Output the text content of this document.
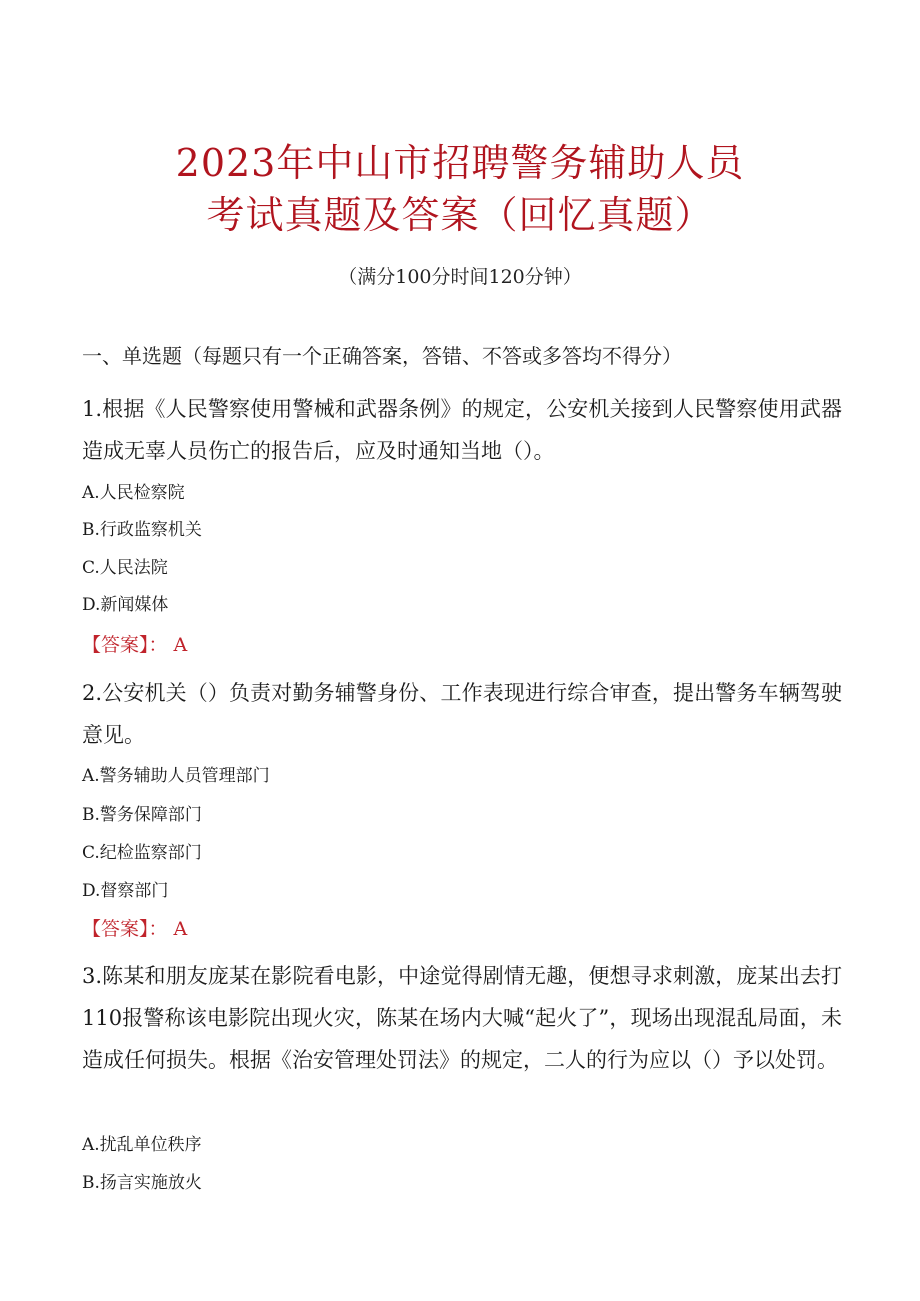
2023年中山市招聘警务辅助人员
考试真题及答案（回忆真题）
（满分100分时间120分钟）
一、单选题（每题只有一个正确答案，答错、不答或多答均不得分）
1.根据《人民警察使用警械和武器条例》的规定，公安机关接到人民警察使用武器造成无辜人员伤亡的报告后，应及时通知当地（）。
A.人民检察院
B.行政监察机关
C.人民法院
D.新闻媒体
【答案】： A
2.公安机关（）负责对勤务辅警身份、工作表现进行综合审查，提出警务车辆驾驶意见。
A.警务辅助人员管理部门
B.警务保障部门
C.纪检监察部门
D.督察部门
【答案】： A
3.陈某和朋友庞某在影院看电影，中途觉得剧情无趣，便想寻求刺激，庞某出去打110报警称该电影院出现火灾，陈某在场内大喊“起火了”，现场出现混乱局面，未造成任何损失。根据《治安管理处罚法》的规定，二人的行为应以（）予以处罚。
A.扰乱单位秩序
B.扬言实施放火
